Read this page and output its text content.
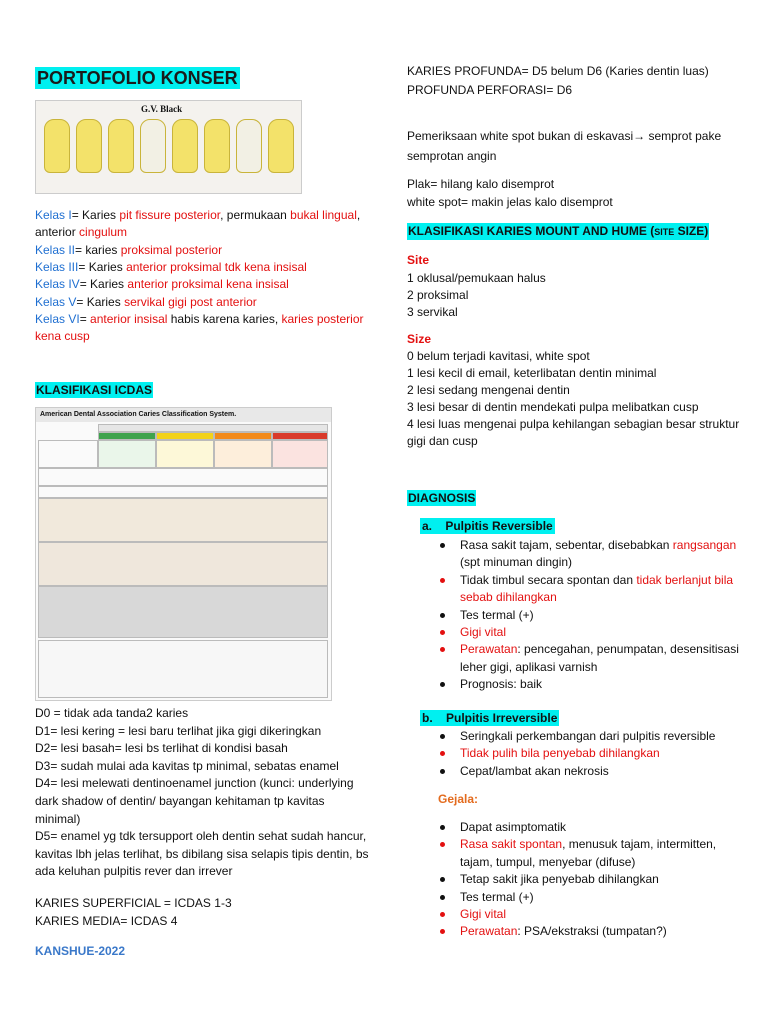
PORTOFOLIO KONSER
G.V. Black
Kelas I= Karies pit fissure posterior, permukaan bukal lingual,
anterior cingulum
Kelas II= karies proksimal posterior
Kelas III= Karies anterior proksimal tdk kena insisal
Kelas IV= Karies anterior proksimal kena insisal
Kelas V= Karies servikal gigi post anterior
Kelas VI= anterior insisal habis karena karies, karies posterior
kena cusp
KLASIFIKASI ICDAS
American Dental Association Caries Classification System.
D0 = tidak ada tanda2 karies
D1= lesi kering = lesi baru terlihat jika gigi dikeringkan
D2= lesi basah= lesi bs terlihat di kondisi basah
D3= sudah mulai ada kavitas tp minimal, sebatas enamel
D4= lesi melewati dentinoenamel junction (kunci: underlying
dark shadow of dentin/ bayangan kehitaman tp kavitas
minimal)
D5= enamel yg tdk tersupport oleh dentin sehat sudah hancur,
kavitas lbh jelas terlihat, bs dibilang sisa selapis tipis dentin, bs
ada keluhan pulpitis rever dan irrever
KARIES SUPERFICIAL = ICDAS 1-3
KARIES MEDIA= ICDAS 4
KANSHUE-2022
KARIES PROFUNDA= D5 belum D6 (Karies dentin luas)
PROFUNDA PERFORASI= D6
Pemeriksaan white spot bukan di eskavasi→ semprot pake
semprotan angin
Plak= hilang kalo disemprot
white spot= makin jelas kalo disemprot
KLASIFIKASI KARIES MOUNT AND HUME (SITE SIZE)
Site
1 oklusal/pemukaan halus
2 proksimal
3 servikal
Size
0 belum terjadi kavitasi, white spot
1 lesi kecil di email, keterlibatan dentin minimal
2 lesi sedang mengenai dentin
3 lesi besar di dentin mendekati pulpa melibatkan cusp
4 lesi luas mengenai pulpa kehilangan sebagian besar struktur
gigi dan cusp
DIAGNOSIS
a.    Pulpitis Reversible
Rasa sakit tajam, sebentar, disebabkan rangsangan
(spt minuman dingin)
Tidak timbul secara spontan dan tidak berlanjut bila
sebab dihilangkan
Tes termal (+)
Gigi vital
Perawatan: pencegahan, penumpatan, desensitisasi
leher gigi, aplikasi varnish
Prognosis: baik
b.    Pulpitis Irreversible
Seringkali perkembangan dari pulpitis reversible
Tidak pulih bila penyebab dihilangkan
Cepat/lambat akan nekrosis
Gejala:
Dapat asimptomatik
Rasa sakit spontan, menusuk tajam, intermitten,
tajam, tumpul, menyebar (difuse)
Tetap sakit jika penyebab dihilangkan
Tes termal (+)
Gigi vital
Perawatan: PSA/ekstraksi (tumpatan?)
